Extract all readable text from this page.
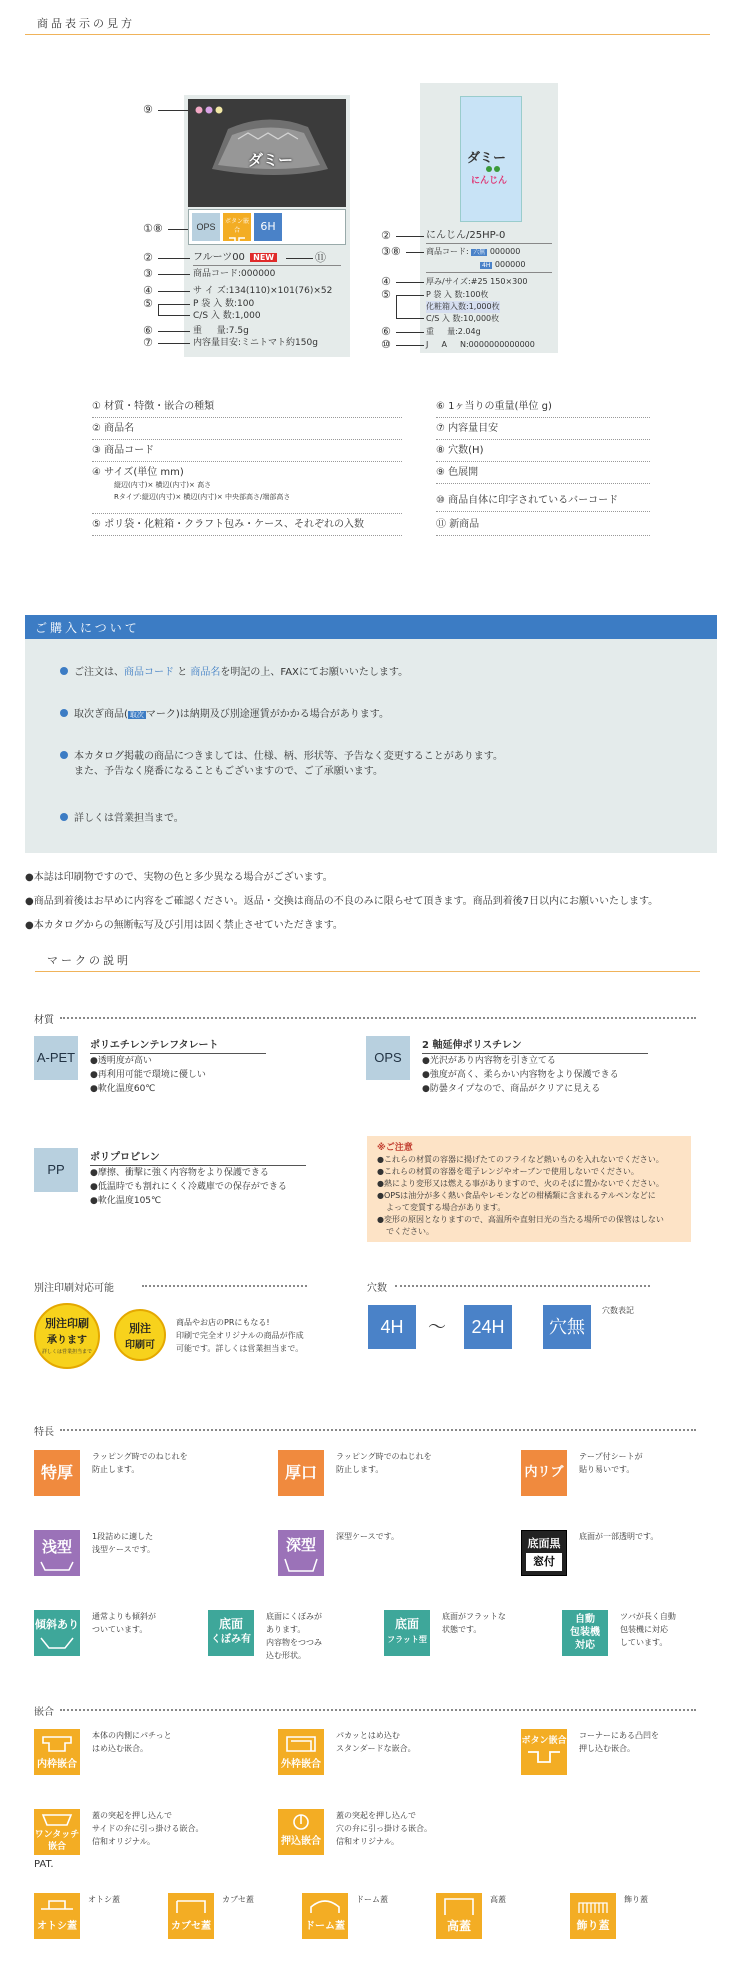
商品表示の見方
ダミー
OPS
ボタン嵌合	6H
フルーツ00 NEW
商品コード:000000
サ イ ズ:134(110)×101(76)×52
P 袋 入 数:100
C/S 入 数:1,000
重 　 量:7.5g
内容量目安:ミニトマト約150g
⑨
①⑧
②	⑪
③
④
⑤
⑥
⑦
ダミー
にんじん
にんじん/25HP-0
商品コード: 六無 000000
4H 000000
厚み/サイズ:#25 150×300
P 袋 入 数:100枚
化粧箱入数:1,000枚
C/S 入 数:10,000枚
重 　 量:2.04g
J 　 A 　 N:0000000000000
②
③⑧
④
⑤
⑥
⑩
① 材質・特徴・嵌合の種類
② 商品名
③ 商品コード
④ サイズ(単位 mm)
縦辺(内寸)× 横辺(内寸)× 高さ
Rタイプ:縦辺(内寸)× 横辺(内寸)× 中央部高さ/端部高さ
⑤ ポリ袋・化粧箱・クラフト包み・ケース、それぞれの入数
⑥ 1ヶ当りの重量(単位 g)
⑦ 内容量目安
⑧ 穴数(H)
⑨ 色展開
⑩ 商品自体に印字されているバーコード
⑪ 新商品
ご購入について
ご注文は、商品コード と 商品名を明記の上、FAXにてお願いいたします。
取次ぎ商品( 取次 マーク)は納期及び別途運賃がかかる場合があります。
本カタログ掲載の商品につきましては、仕様、柄、形状等、予告なく変更することがあります。
また、予告なく廃番になることもございますので、ご了承願います。
詳しくは営業担当まで。
●本誌は印刷物ですので、実物の色と多少異なる場合がございます。
●商品到着後はお早めに内容をご確認ください。返品・交換は商品の不良のみに限らせて頂きます。商品到着後7日以内にお願いいたします。
●本カタログからの無断転写及び引用は固く禁止させていただきます。
マークの説明
材質
A-PET
ポリエチレンテレフタレート
●透明度が高い
●再利用可能で環境に優しい
●軟化温度60℃
OPS
2 軸延伸ポリスチレン
●光沢があり内容物を引き立てる
●強度が高く、柔らかい内容物をより保護できる
●防曇タイプなので、商品がクリアに見える
PP
ポリプロピレン
●摩擦、衝撃に強く内容物をより保護できる
●低温時でも割れにくく冷蔵庫での保存ができる
●軟化温度105℃
※ご注意
●これらの材質の容器に揚げたてのフライなど熱いものを入れないでください。
●これらの材質の容器を電子レンジやオーブンで使用しないでください。
●熱により変形又は燃える事がありますので、火のそばに置かないでください。
●OPSは油分が多く熱い食品やレモンなどの柑橘類に含まれるテルペンなどに
よって変質する場合があります。
●変形の原因となりますので、高温所や直射日光の当たる場所での保管はしない
でください。
別注印刷対応可能
別注印刷
承ります
詳しくは営業担当まで
別注
印刷可
商品やお店のPRにもなる!
印刷で完全オリジナルの商品が作成
可能です。詳しくは営業担当まで。
穴数
4H	〜	24H	穴無
穴数表記
特長
特厚
ラッピング時でのねじれを
防止します。	厚口
ラッピング時でのねじれを
防止します。	内リブ
テープ付シートが
貼り易いです。
浅型
1段詰めに適した
浅型ケースです。	深型	深型ケースです。
底面黒
窓付
底面が一部透明です。
傾斜あり
通常よりも傾斜が
ついています。	底面
くぼみ有
底面にくぼみが
あります。
内容物をつつみ
込む形状。
底面
フラット型
底面がフラットな
状態です。
自動
包装機
対応
ツバが長く自動
包装機に対応
しています。
嵌合
内枠嵌合
本体の内側にパチっと
はめ込む嵌合。
外枠嵌合
パカッとはめ込む
スタンダードな嵌合。
ボタン嵌合
コーナーにある凸凹を
押し込む嵌合。
ワンタッチ嵌合
蓋の突起を押し込んで
サイドの弁に引っ掛ける嵌合。
信和オリジナル。
PAT.
押込嵌合
蓋の突起を押し込んで
穴の弁に引っ掛ける嵌合。
信和オリジナル。
オトシ蓋
オトシ蓋
カブセ蓋
カブセ蓋
ドーム蓋
ドーム蓋
高蓋
高蓋
飾り蓋
飾り蓋
